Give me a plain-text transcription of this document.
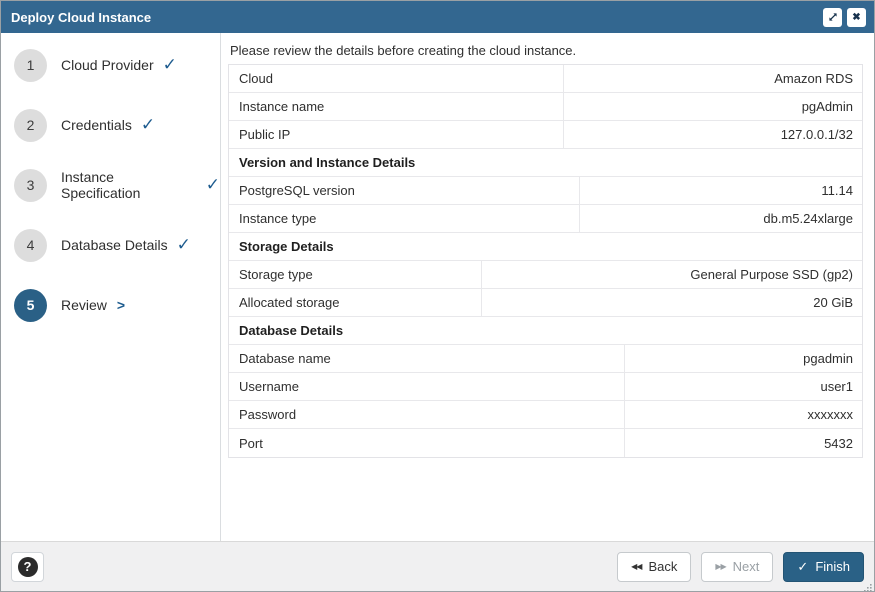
Deploy Cloud Instance	✖
1	Cloud Provider ✓
2	Credentials ✓
3	Instance Specification	✓
4	Database Details ✓
5	Review >

Please review the details before creating the cloud instance.

Cloud	Amazon RDS
Instance name	pgAdmin
Public IP	127.0.0.1/32
Version and Instance Details
PostgreSQL version	11.14
Instance type	db.m5.24xlarge
Storage Details
Storage type	General Purpose SSD (gp2)
Allocated storage	20 GiB
Database Details
Database name	pgadmin
Username	user1
Password	xxxxxxx
Port	5432
?	◀◀ Back	▶▶ Next	✓ Finish
